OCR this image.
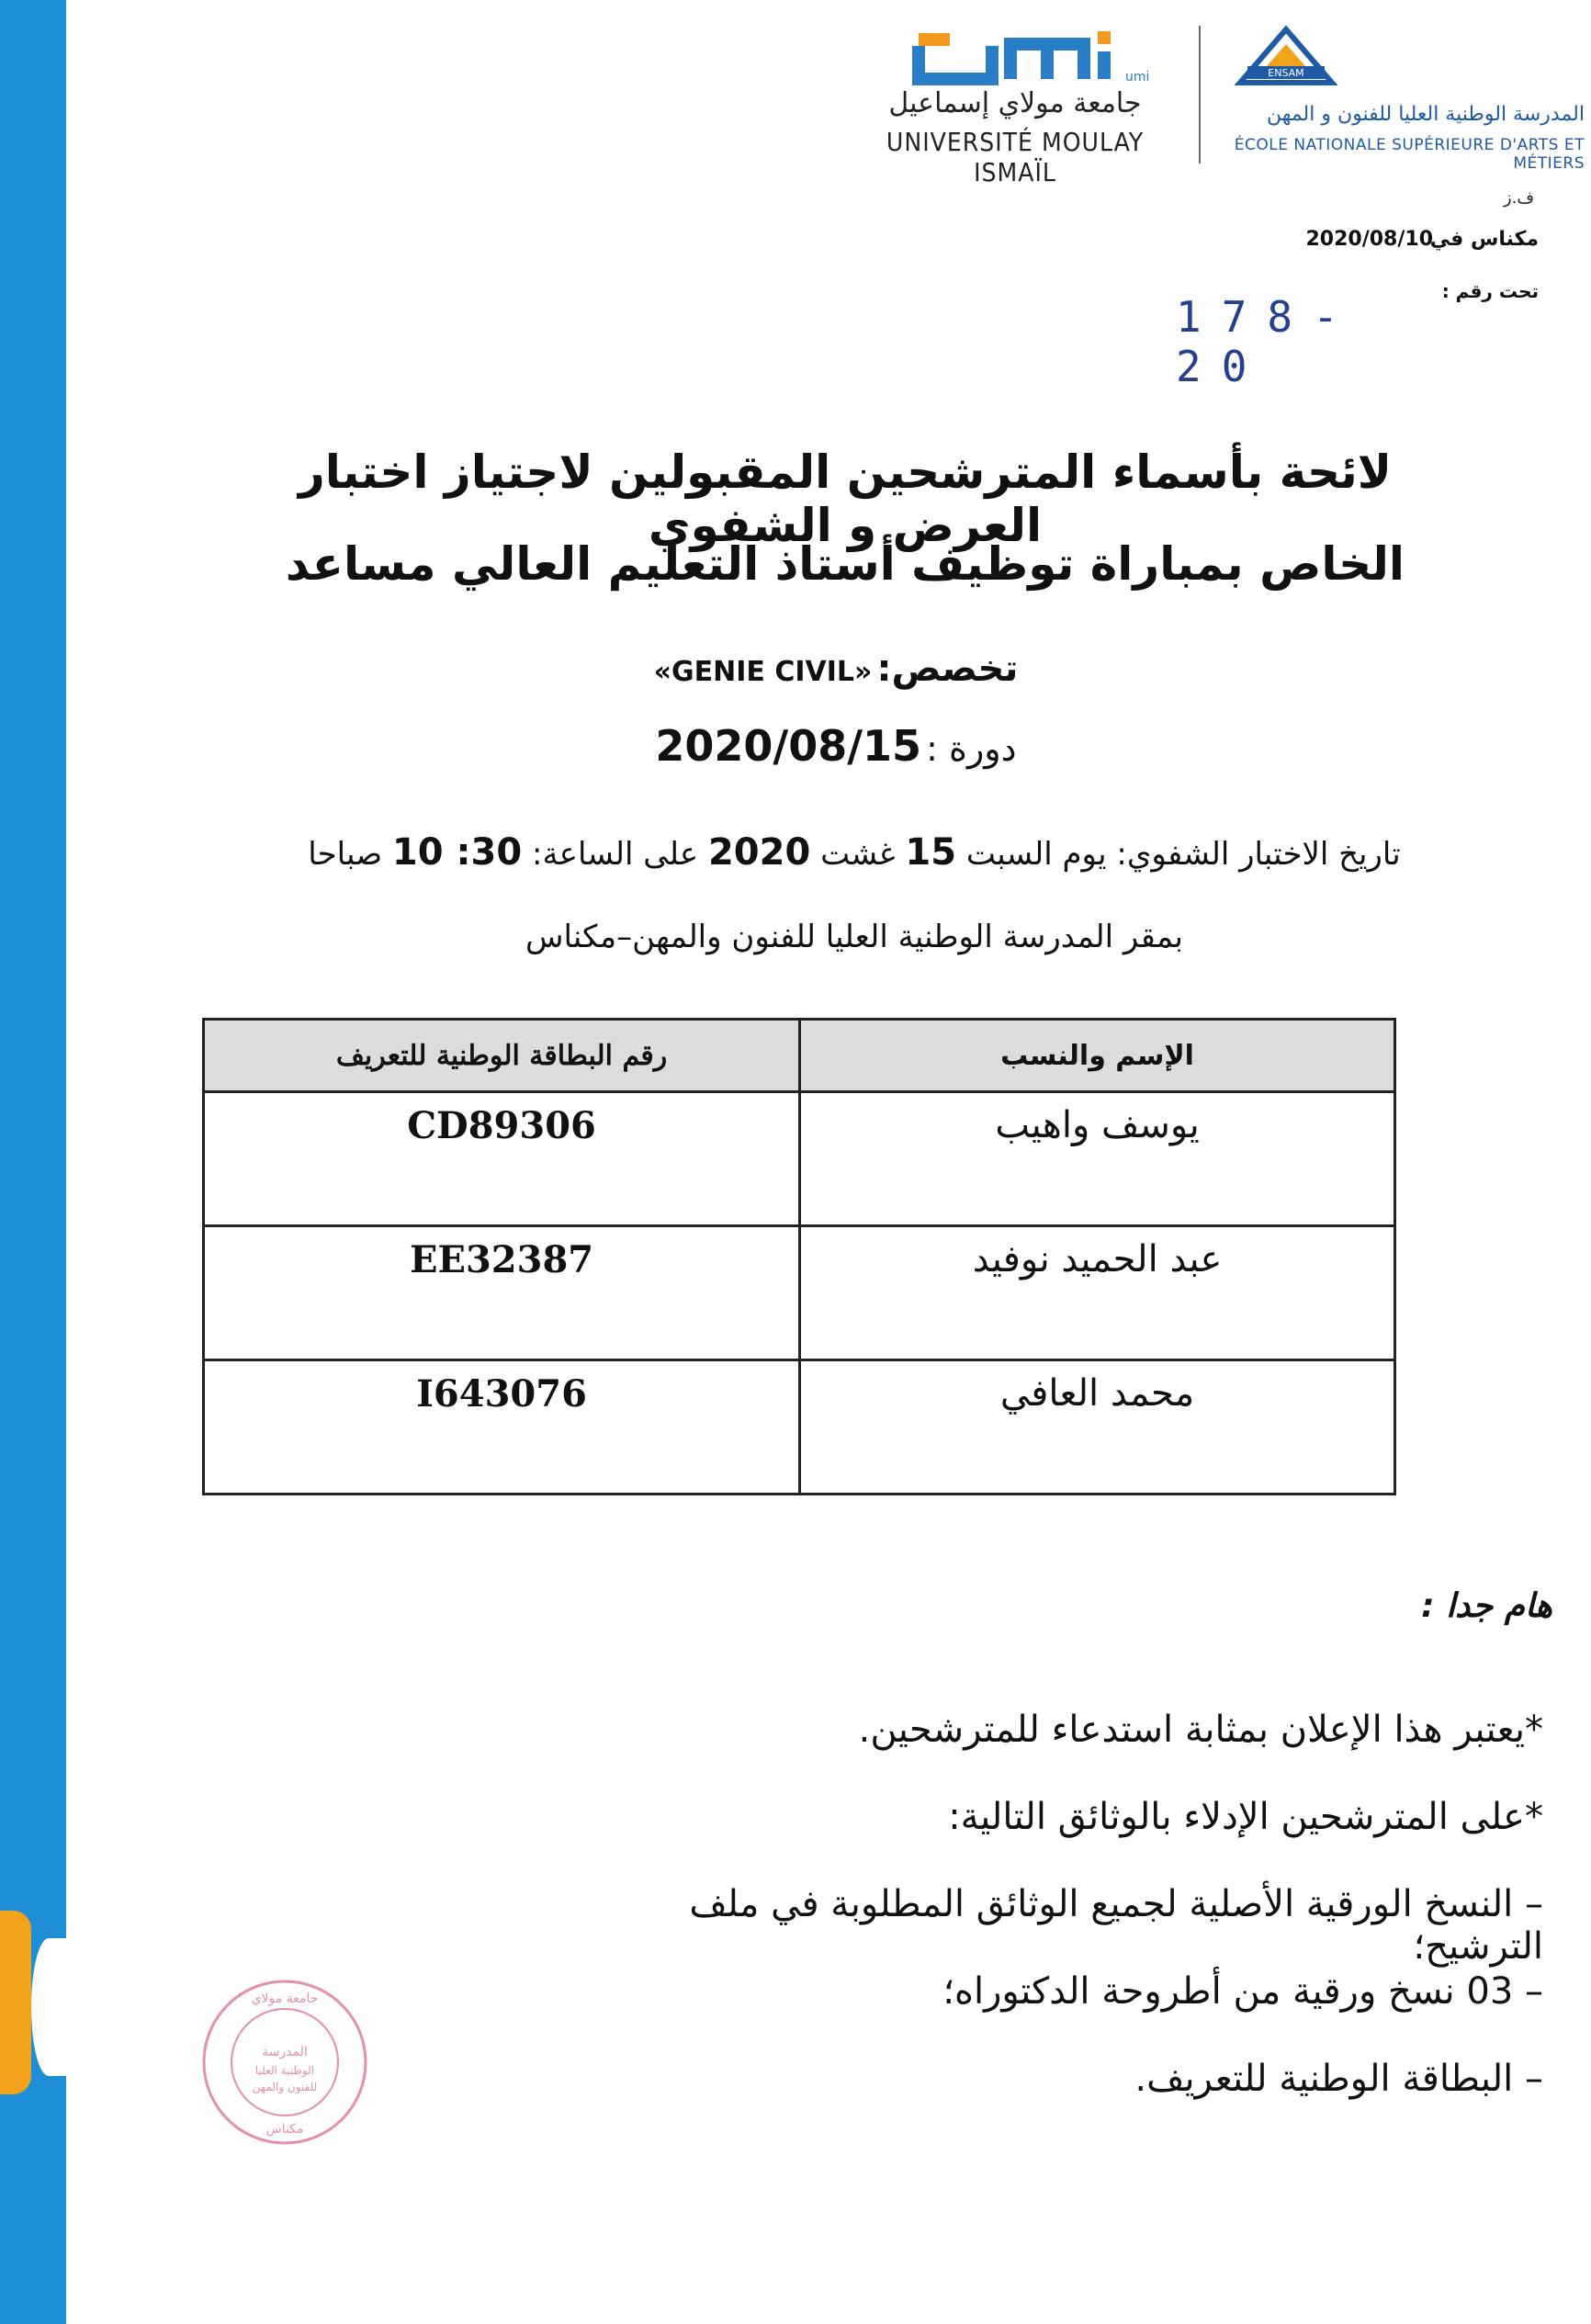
umi
جامعة مولاي إسماعيل
UNIVERSITÉ MOULAY ISMAÏL
ENSAM
المدرسة الوطنية العليا للفنون و المهن
ÉCOLE NATIONALE SUPÉRIEURE D'ARTS ET MÉTIERS
ف.ز
مكناس في
2020/08/10
تحت رقم :
178-20
لائحة بأسماء المترشحين المقبولين لاجتياز اختبار العرض و الشفوي
الخاص بمباراة توظيف أستاذ التعليم العالي مساعد
تخصص: «GENIE CIVIL»
دورة : 2020/08/15
تاريخ الاختبار الشفوي: يوم السبت 15 غشت 2020 على الساعة: 30: 10 صباحا
بمقر المدرسة الوطنية العليا للفنون والمهن–مكناس
الإسم والنسب	رقم البطاقة الوطنية للتعريف
يوسف واهيب	CD89306
عبد الحميد نوفيد	EE32387
محمد العافي	I643076
هام جدا :
*يعتبر هذا الإعلان بمثابة استدعاء للمترشحين.
*على المترشحين الإدلاء بالوثائق التالية:
– النسخ الورقية الأصلية لجميع الوثائق المطلوبة في ملف الترشيح؛
– 03 نسخ ورقية من أطروحة الدكتوراه؛
– البطاقة الوطنية للتعريف.
المدرسة
الوطنية العليا
للفنون والمهن
جامعة مولاي
مكناس
